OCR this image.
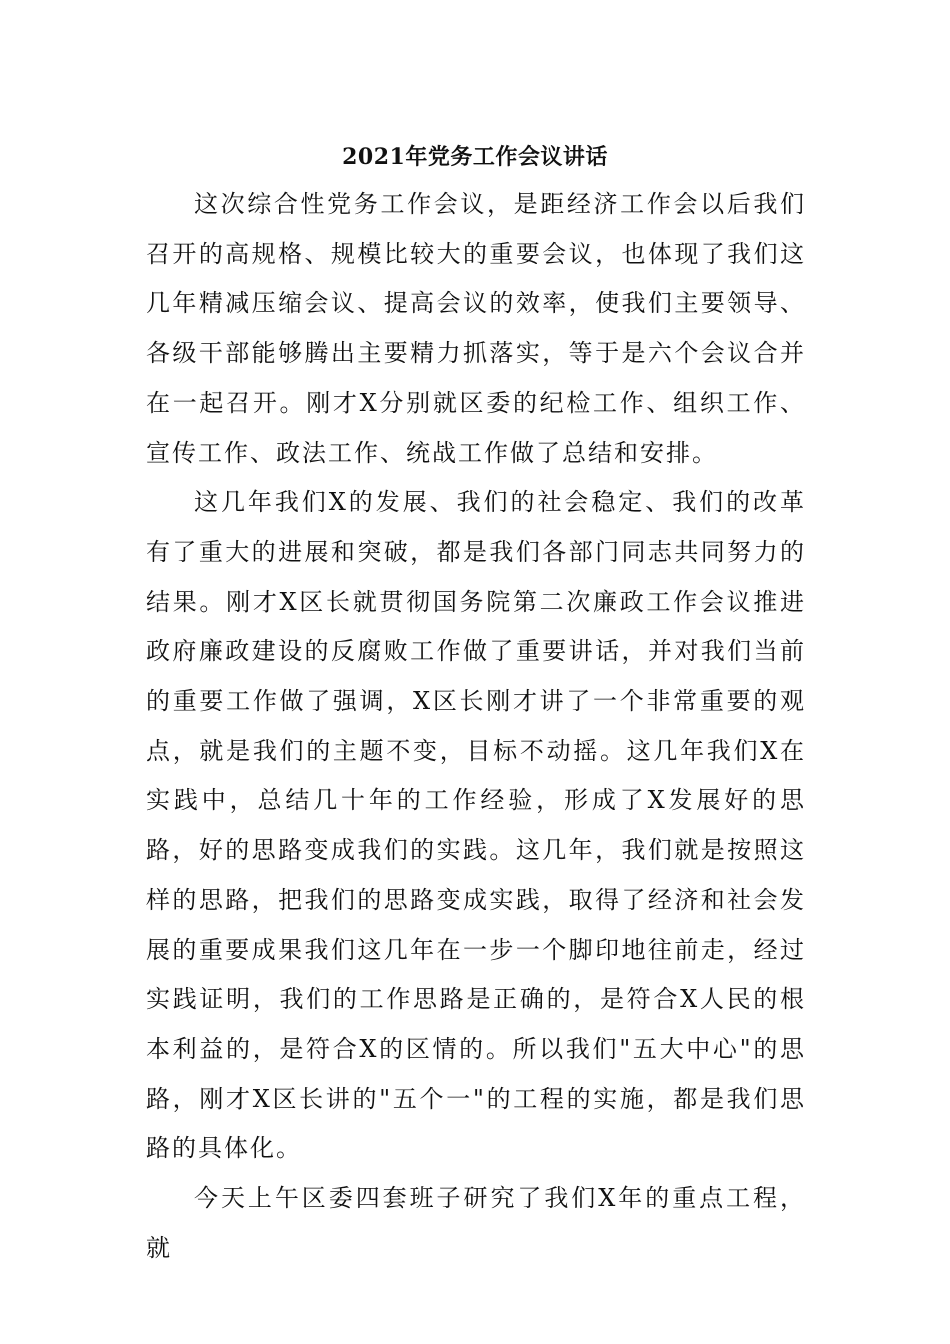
2021年党务工作会议讲话

这次综合性党务工作会议，是距经济工作会以后我们召开的高规格、规模比较大的重要会议，也体现了我们这几年精减压缩会议、提高会议的效率，使我们主要领导、各级干部能够腾出主要精力抓落实，等于是六个会议合并在一起召开。刚才X分别就区委的纪检工作、组织工作、宣传工作、政法工作、统战工作做了总结和安排。

这几年我们X的发展、我们的社会稳定、我们的改革有了重大的进展和突破，都是我们各部门同志共同努力的结果。刚才X区长就贯彻国务院第二次廉政工作会议推进政府廉政建设的反腐败工作做了重要讲话，并对我们当前的重要工作做了强调，X区长刚才讲了一个非常重要的观点，就是我们的主题不变，目标不动摇。这几年我们X在实践中，总结几十年的工作经验，形成了X发展好的思路，好的思路变成我们的实践。这几年，我们就是按照这样的思路，把我们的思路变成实践，取得了经济和社会发展的重要成果我们这几年在一步一个脚印地往前走，经过实践证明，我们的工作思路是正确的，是符合X人民的根本利益的，是符合X的区情的。所以我们"五大中心"的思路，刚才X区长讲的"五个一"的工程的实施，都是我们思路的具体化。

今天上午区委四套班子研究了我们X年的重点工程，就
